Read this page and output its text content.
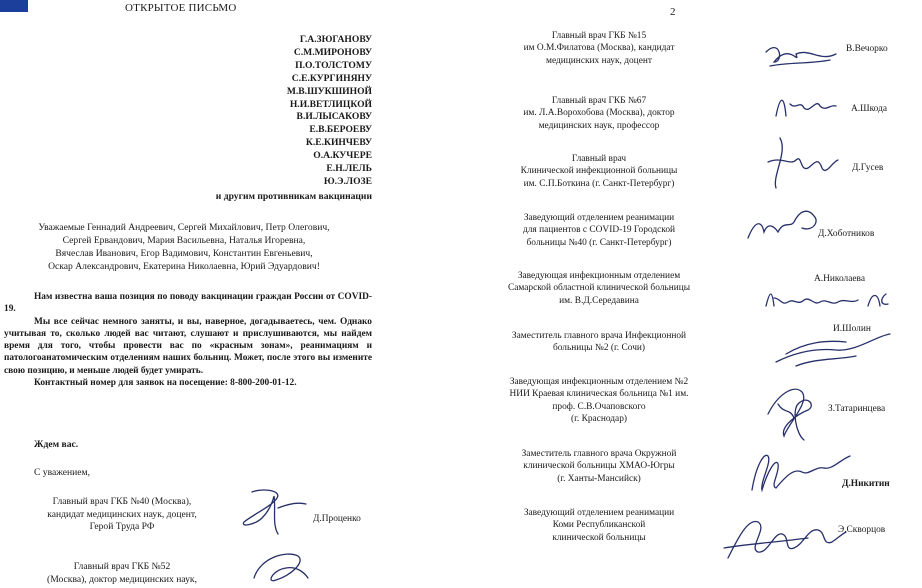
ОТКРЫТОЕ ПИСЬМО
Г.А.ЗЮГАНОВУ
С.М.МИРОНОВУ
П.О.ТОЛСТОМУ
С.Е.КУРГИНЯНУ
М.В.ШУКШИНОЙ
Н.И.ВЕТЛИЦКОЙ
В.И.ЛЫСАКОВУ
Е.В.БЕРОЕВУ
К.Е.КИНЧЕВУ
О.А.КУЧЕРЕ
Е.Н.ЛЕЛЬ
Ю.Э.ЛОЗЕ
и другим противникам вакцинации
Уважаемые Геннадий Андреевич, Сергей Михайлович, Петр Олегович,
Сергей Ервандович, Мария Васильевна, Наталья Игоревна,
Вячеслав Иванович, Егор Вадимович, Константин Евгеньевич,
Оскар Александрович, Екатерина Николаевна, Юрий Эдуардович!

Нам известна ваша позиция по поводу вакцинации граждан России от COVID-19.

Мы все сейчас немного заняты, и вы, наверное, догадываетесь, чем. Однако учитывая то, сколько людей вас читают, слушают и прислушиваются, мы найдем время для того, чтобы провести вас по «красным зонам», реанимациям и патологоанатомическим отделениям наших больниц. Может, после этого вы измените свою позицию, и меньше людей будет умирать.

Контактный номер для заявок на посещение: 8-800-200-01-12.

Ждем вас.
С уважением,
Главный врач ГКБ №40 (Москва),
кандидат медицинских наук, доцент,
Герой Труда РФ
Д.Проценко
Главный врач ГКБ №52
(Москва), доктор медицинских наук,
2
Главный врач ГКБ №15
им О.М.Филатова (Москва), кандидат
медицинских наук, доцент
В.Вечорко
Главный врач ГКБ №67
им. Л.А.Ворохобова (Москва), доктор
медицинских наук, профессор
А.Шкода
Главный врач
Клинической инфекционной больницы
им. С.П.Боткина (г. Санкт-Петербург)
Д.Гусев
Заведующий отделением реанимации
для пациентов с COVID-19 Городской
больницы №40 (г. Санкт-Петербург)
Д.Хоботников
Заведующая инфекционным отделением
Самарской областной клинической больницы
им. В.Д.Середавина
А.Николаева
Заместитель главного врача Инфекционной
больницы №2 (г. Сочи)
И.Шолин
Заведующая инфекционным отделением №2
НИИ Краевая клиническая больница №1 им.
проф. С.В.Очаповского
(г. Краснодар)
З.Татаринцева
Заместитель главного врача Окружной
клинической больницы ХМАО-Югры
(г. Ханты-Мансийск)
Д.Никитин
Заведующий отделением реанимации
Коми Республиканской
клинической больницы
Э.Скворцов
